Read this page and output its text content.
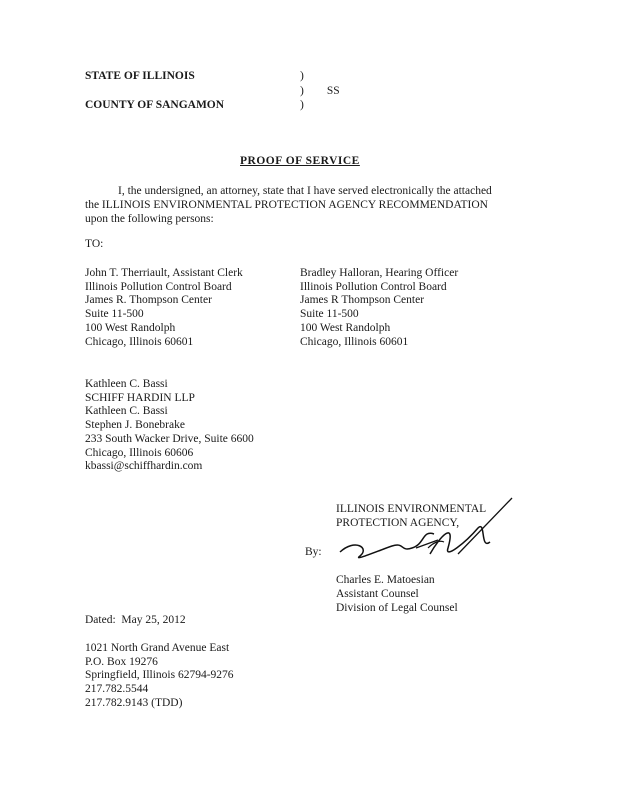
STATE OF ILLINOIS
COUNTY OF SANGAMON
)
)        SS
)
PROOF OF SERVICE
I, the undersigned, an attorney, state that I have served electronically the attached
the ILLINOIS ENVIRONMENTAL PROTECTION AGENCY RECOMMENDATION
upon the following persons:
TO:
John T. Therriault, Assistant Clerk
Illinois Pollution Control Board
James R. Thompson Center
Suite 11-500
100 West Randolph
Chicago, Illinois 60601
Bradley Halloran, Hearing Officer
Illinois Pollution Control Board
James R Thompson Center
Suite 11-500
100 West Randolph
Chicago, Illinois 60601
Kathleen C. Bassi
SCHIFF HARDIN LLP
Kathleen C. Bassi
Stephen J. Bonebrake
233 South Wacker Drive, Suite 6600
Chicago, Illinois 60606
kbassi@schiffhardin.com
ILLINOIS ENVIRONMENTAL
PROTECTION AGENCY,
By:
Charles E. Matoesian
Assistant Counsel
Division of Legal Counsel
Dated:  May 25, 2012
1021 North Grand Avenue East
P.O. Box 19276
Springfield, Illinois 62794-9276
217.782.5544
217.782.9143 (TDD)
